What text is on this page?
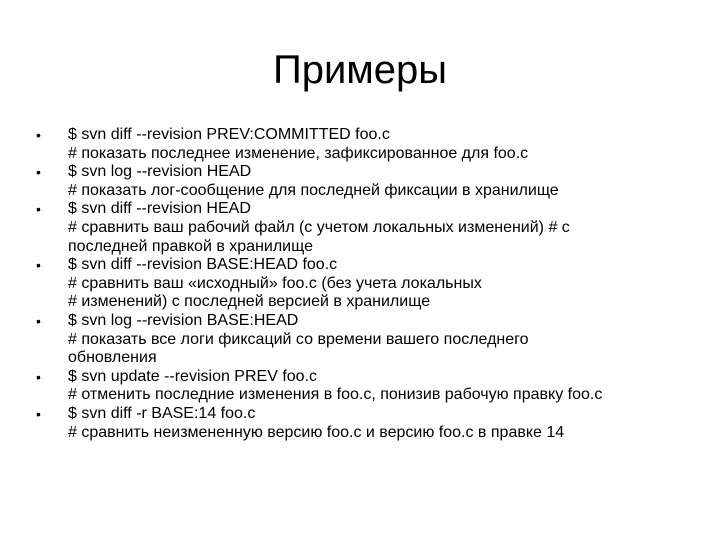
Примеры
•	$ svn diff --revision PREV:COMMITTED foo.c
# показать последнее изменение, зафиксированное для foo.c
•	$ svn log --revision HEAD
# показать лог-сообщение для последней фиксации в хранилище
•	$ svn diff --revision HEAD
# сравнить ваш рабочий файл (с учетом локальных изменений) # с
последней правкой в хранилище
•	$ svn diff --revision BASE:HEAD foo.c
# сравнить ваш «исходный» foo.c (без учета локальных
# изменений) с последней версией в хранилище
•	$ svn log --revision BASE:HEAD
# показать все логи фиксаций со времени вашего последнего
обновления
•	$ svn update --revision PREV foo.c
# отменить последние изменения в foo.c, понизив рабочую правку foo.c
•	$ svn diff -r BASE:14 foo.c
# сравнить неизмененную версию foo.c и версию foo.c в правке 14
